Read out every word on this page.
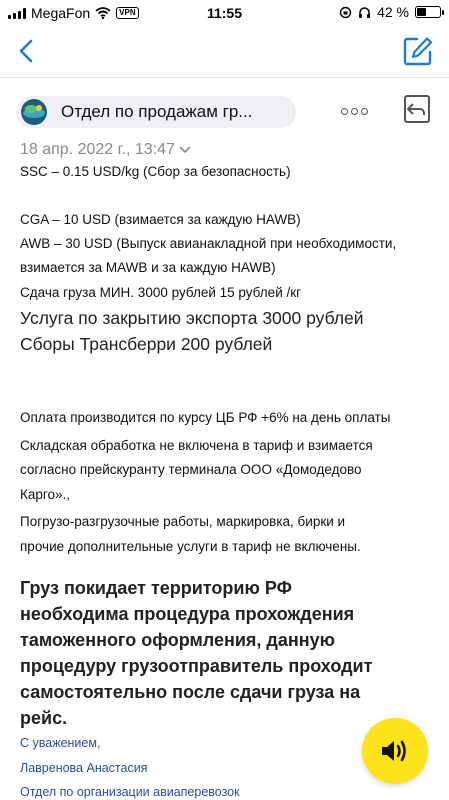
MegaFon	VPN	11:55	42 %
Отдел по продажам гр...
18 апр. 2022 г., 13:47
SSC – 0.15 USD/kg (Сбор за безопасность)
CGA – 10 USD (взимается за каждую HAWB)
AWB – 30 USD (Выпуск авианакладной при необходимости,
взимается за MAWB и за каждую HAWB)
Сдача груза МИН. 3000 рублей 15 рублей /кг
Услуга по закрытию экспорта 3000 рублей
Сборы Трансберри 200 рублей
Оплата производится по курсу ЦБ РФ +6% на день оплаты
Складская обработка не включена в тариф и взимается
согласно прейскуранту терминала ООО «Домодедово
Карго».,
Погрузо-разгрузочные работы, маркировка, бирки и
прочие дополнительные услуги в тариф не включены.
Груз покидает территорию РФ
необходима процедура прохождения
таможенного оформления, данную
процедуру грузоотправитель проходит
самостоятельно после сдачи груза на
рейс.
С уважением,
Лавренова Анастасия
Отдел по организации авиаперевозок
